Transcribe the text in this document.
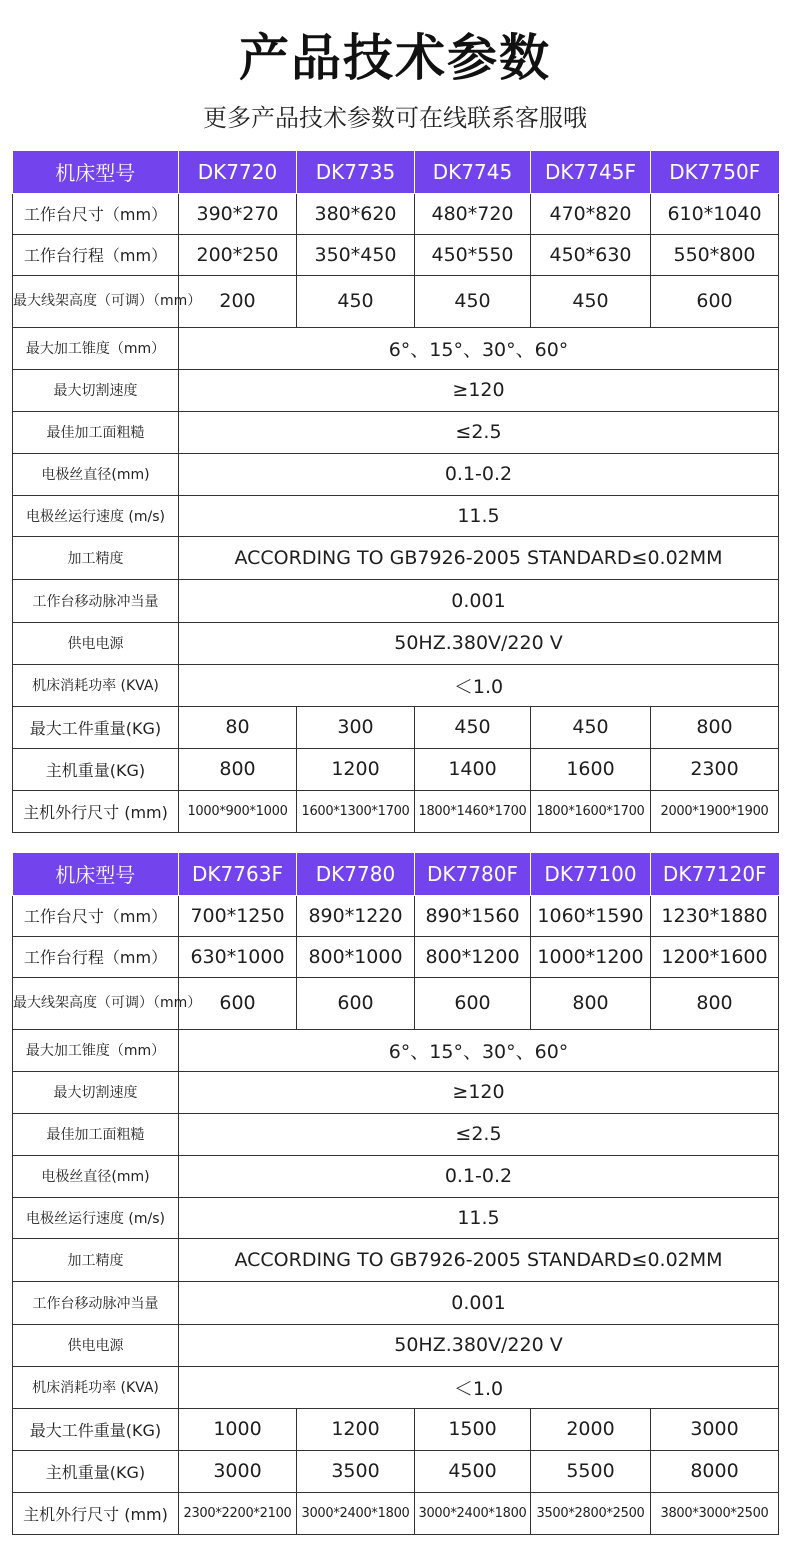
产品技术参数
更多产品技术参数可在线联系客服哦
机床型号	DK7720	DK7735	DK7745	DK7745F	DK7750F
工作台尺寸（mm）	390*270	380*620	480*720	470*820	610*1040
工作台行程（mm）	200*250	350*450	450*550	450*630	550*800
最大线架高度（可调）（mm）	200	450	450	450	600
最大加工锥度（mm）	6°、15°、30°、60°				
最大切割速度	≥120				
最佳加工面粗糙	≤2.5				
电极丝直径(mm)	0.1-0.2				
电极丝运行速度 (m/s)	11.5				
加工精度	ACCORDING TO GB7926-2005 STANDARD≤0.02MM				
工作台移动脉冲当量	0.001				
供电电源	50HZ.380V/220 V				
机床消耗功率 (KVA)	＜1.0				
最大工件重量(KG)	80	300	450	450	800
主机重量(KG)	800	1200	1400	1600	2300
主机外行尺寸 (mm)	1000*900*1000	1600*1300*1700	1800*1460*1700	1800*1600*1700	2000*1900*1900
机床型号	DK7763F	DK7780	DK7780F	DK77100	DK77120F
工作台尺寸（mm）	700*1250	890*1220	890*1560	1060*1590	1230*1880
工作台行程（mm）	630*1000	800*1000	800*1200	1000*1200	1200*1600
最大线架高度（可调）（mm）	600	600	600	800	800
最大加工锥度（mm）	6°、15°、30°、60°				
最大切割速度	≥120				
最佳加工面粗糙	≤2.5				
电极丝直径(mm)	0.1-0.2				
电极丝运行速度 (m/s)	11.5				
加工精度	ACCORDING TO GB7926-2005 STANDARD≤0.02MM				
工作台移动脉冲当量	0.001				
供电电源	50HZ.380V/220 V				
机床消耗功率 (KVA)	＜1.0				
最大工件重量(KG)	1000	1200	1500	2000	3000
主机重量(KG)	3000	3500	4500	5500	8000
主机外行尺寸 (mm)	2300*2200*2100	3000*2400*1800	3000*2400*1800	3500*2800*2500	3800*3000*2500
